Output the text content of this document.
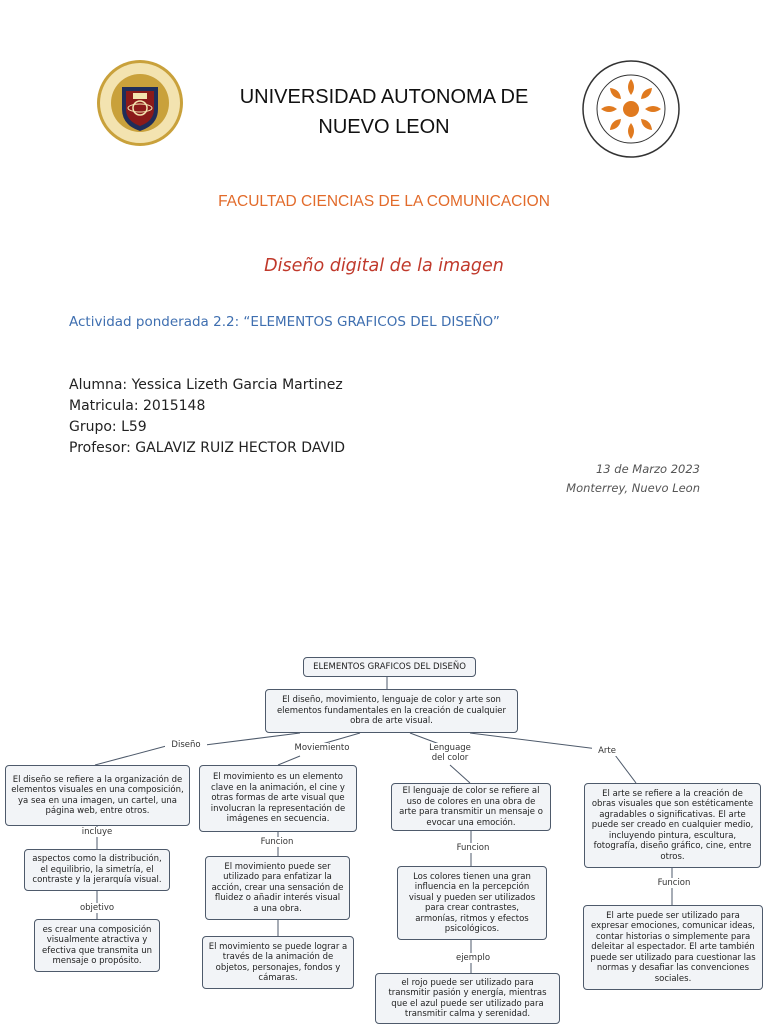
UNIVERSIDAD AUTONOMA DE
NUEVO LEON
FACULTAD CIENCIAS DE LA COMUNICACION
Diseño digital de la imagen
Actividad ponderada 2.2: “ELEMENTOS GRAFICOS DEL DISEÑO”
Alumna: Yessica Lizeth Garcia Martinez
Matricula: 2015148
Grupo: L59
Profesor: GALAVIZ RUIZ HECTOR DAVID
13 de Marzo 2023
Monterrey, Nuevo Leon
ELEMENTOS GRAFICOS DEL DISEÑO
El diseño, movimiento, lenguaje de color y arte son elementos fundamentales en la creación de cualquier obra de arte visual.
Diseño	Moviemiento	Lenguage
del color
Arte
El diseño se refiere a la organización de elementos visuales en una composición, ya sea en una imagen, un cartel, una página web, entre otros.
incluye
aspectos como la distribución, el equilibrio, la simetría, el contraste y la jerarquía visual.
objetivo
es crear una composición visualmente atractiva y efectiva que transmita un mensaje o propósito.
El movimiento es un elemento clave en la animación, el cine y otras formas de arte visual que involucran la representación de imágenes en secuencia.
Funcion
El movimiento puede ser utilizado para enfatizar la acción, crear una sensación de fluidez o añadir interés visual a una obra.
El movimiento se puede lograr a través de la animación de objetos, personajes, fondos y cámaras.
El lenguaje de color se refiere al uso de colores en una obra de arte para transmitir un mensaje o evocar una emoción.
Funcion
Los colores tienen una gran influencia en la percepción visual y pueden ser utilizados para crear contrastes, armonías, ritmos y efectos psicológicos.
ejemplo
el rojo puede ser utilizado para transmitir pasión y energía, mientras que el azul puede ser utilizado para transmitir calma y serenidad.
El arte se refiere a la creación de obras visuales que son estéticamente agradables o significativas. El arte puede ser creado en cualquier medio, incluyendo pintura, escultura, fotografía, diseño gráfico, cine, entre otros.
Funcion
El arte puede ser utilizado para expresar emociones, comunicar ideas, contar historias o simplemente para deleitar al espectador. El arte también puede ser utilizado para cuestionar las normas y desafiar las convenciones sociales.
